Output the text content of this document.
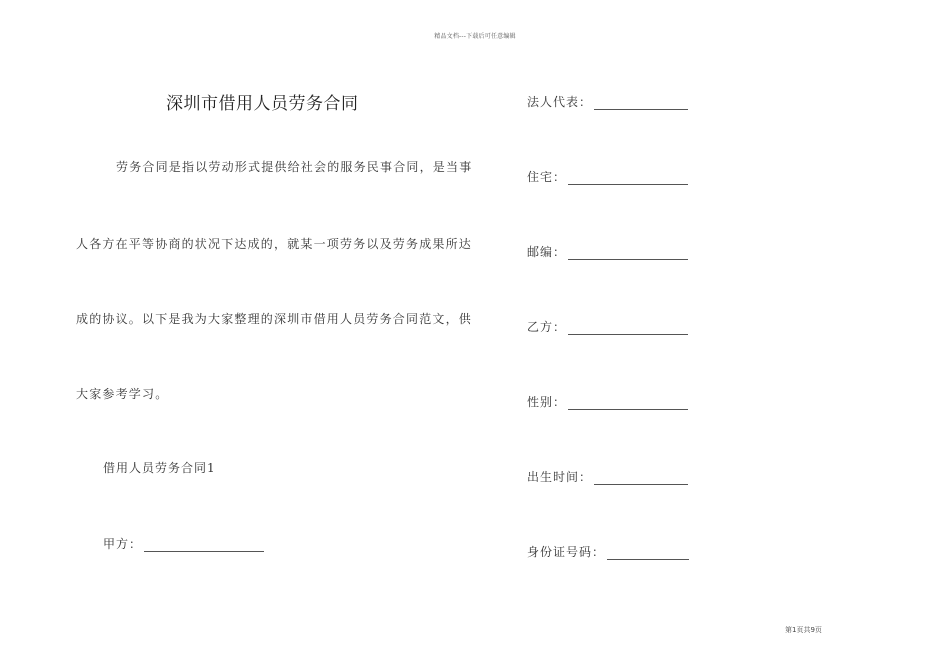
精品文档---下载后可任意编辑
深圳市借用人员劳务合同
劳务合同是指以劳动形式提供给社会的服务民事合同，是当事
人各方在平等协商的状况下达成的，就某一项劳务以及劳务成果所达
成的协议。以下是我为大家整理的深圳市借用人员劳务合同范文，供
大家参考学习。
借用人员劳务合同1
甲方：
法人代表：
住宅：
邮编：
乙方：
性别：
出生时间：
身份证号码：
第1页共9页
